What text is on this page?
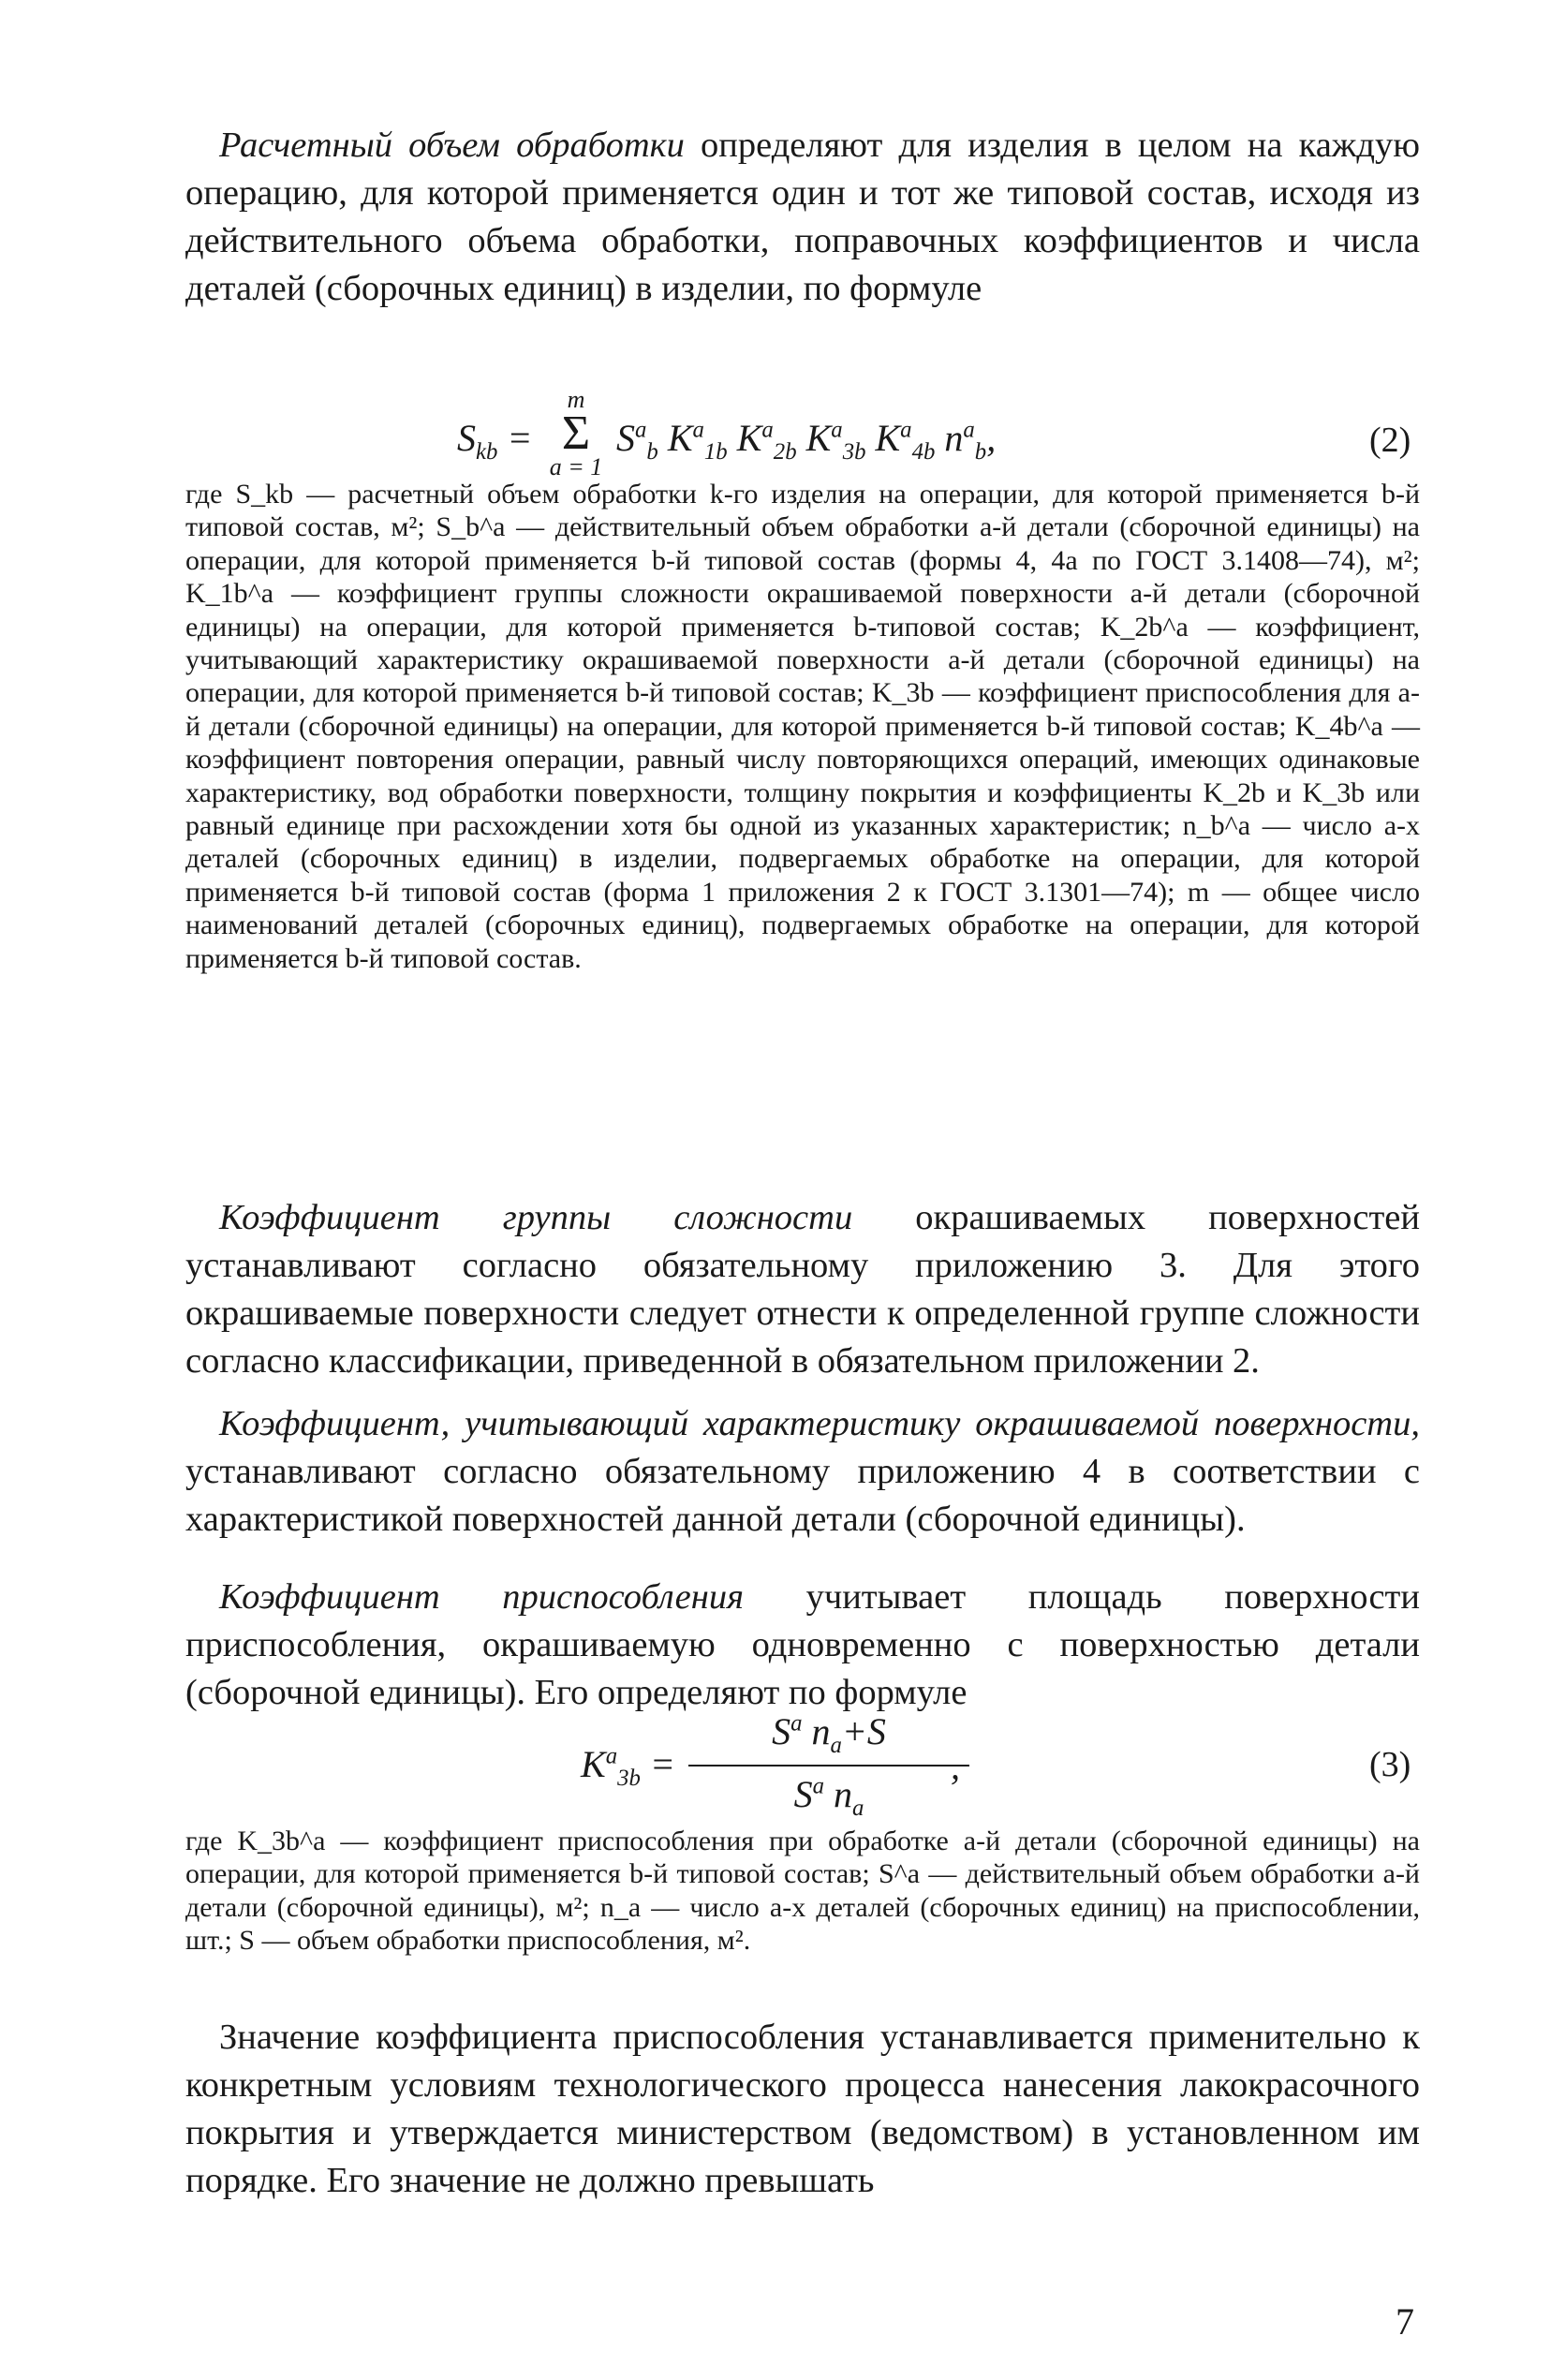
Расчетный объем обработки определяют для изделия в целом на каждую операцию, для которой применяется один и тот же типовой состав, исходя из действительного объема обработки, поправочных коэффициентов и числа деталей (сборочных единиц) в изделии, по формуле

$S_{kb}$ =
m
Σ
a = 1
$S^a_b$ $K^a_{1b}$ $K^a_{2b}$ $K^a_{3b}$ $K^a_{4b}$ $n^a_b$,	(2)

где S_kb — расчетный объем обработки k-го изделия на операции, для которой применяется b-й типовой состав, м²; S_b^a — действительный объем обработки a-й детали (сборочной единицы) на операции, для которой применяется b-й типовой состав (формы 4, 4а по ГОСТ 3.1408—74), м²; K_1b^a — коэффициент группы сложности окрашиваемой поверхности a-й детали (сборочной единицы) на операции, для которой применяется b-типовой состав; K_2b^a — коэффициент, учитывающий характеристику окрашиваемой поверхности a-й детали (сборочной единицы) на операции, для которой применяется b-й типовой состав; K_3b — коэффициент приспособления для a-й детали (сборочной единицы) на операции, для которой применяется b-й типовой состав; K_4b^a — коэффициент повторения операции, равный числу повторяющихся операций, имеющих одинаковые характеристику, вод обработки поверхности, толщину покрытия и коэффициенты K_2b и K_3b или равный единице при расхождении хотя бы одной из указанных характеристик; n_b^a — число a-х деталей (сборочных единиц) в изделии, подвергаемых обработке на операции, для которой применяется b-й типовой состав (форма 1 приложения 2 к ГОСТ 3.1301—74); m — общее число наименований деталей (сборочных единиц), подвергаемых обработке на операции, для которой применяется b-й типовой состав.

Коэффициент группы сложности окрашиваемых поверхностей устанавливают согласно обязательному приложению 3. Для этого окрашиваемые поверхности следует отнести к определенной группе сложности согласно классификации, приведенной в обязательном приложении 2.

Коэффициент, учитывающий характеристику окрашиваемой поверхности, устанавливают согласно обязательному приложению 4 в соответствии с характеристикой поверхностей данной детали (сборочной единицы).

Коэффициент приспособления учитывает площадь поверхности приспособления, окрашиваемую одновременно с поверхностью детали (сборочной единицы). Его определяют по формуле

$K^a_{3b} = \frac{S^a n_a+S}{S^a n_a}$
,	(3)

где K_3b^a — коэффициент приспособления при обработке a-й детали (сборочной единицы) на операции, для которой применяется b-й типовой состав; S^a — действительный объем обработки a-й детали (сборочной единицы), м²; n_a — число a-х деталей (сборочных единиц) на приспособлении, шт.; S — объем обработки приспособления, м².

Значение коэффициента приспособления устанавливается применительно к конкретным условиям технологического процесса нанесения лакокрасочного покрытия и утверждается министерством (ведомством) в установленном им порядке. Его значение не должно превышать

7
